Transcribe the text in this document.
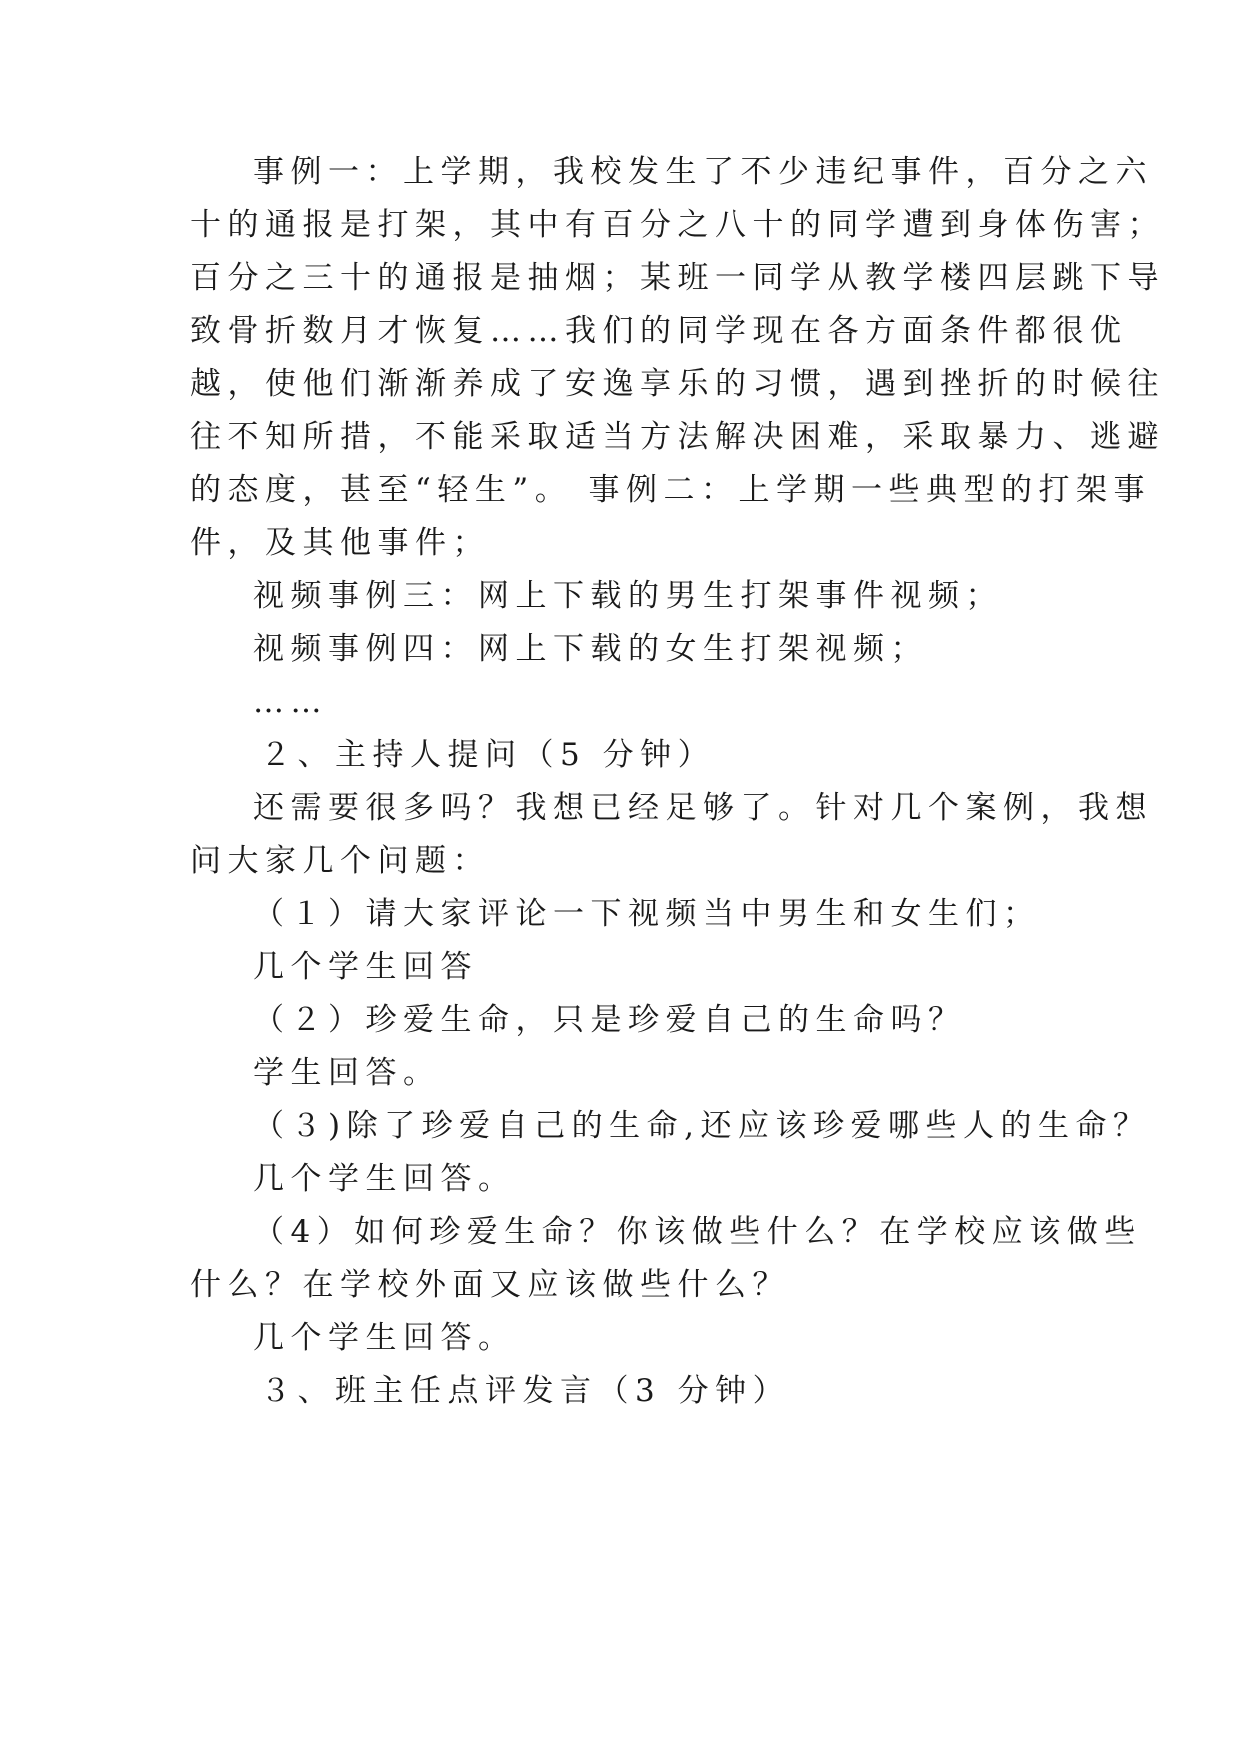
事例一：上学期，我校发生了不少违纪事件，百分之六
十的通报是打架，其中有百分之八十的同学遭到身体伤害；
百分之三十的通报是抽烟；某班一同学从教学楼四层跳下导
致骨折数月才恢复……我们的同学现在各方面条件都很优
越，使他们渐渐养成了安逸享乐的习惯，遇到挫折的时候往
往不知所措，不能采取适当方法解决困难，采取暴力、逃避
的态度，甚至“轻生”。 事例二：上学期一些典型的打架事
件，及其他事件；
视频事例三：网上下载的男生打架事件视频；
视频事例四：网上下载的女生打架视频；
……
２、主持人提问（5 分钟）
还需要很多吗？我想已经足够了。针对几个案例，我想
问大家几个问题：
（１）请大家评论一下视频当中男生和女生们；
几个学生回答
（２）珍爱生命，只是珍爱自己的生命吗？
学生回答。
（３)除了珍爱自己的生命,还应该珍爱哪些人的生命？
几个学生回答。
（4）如何珍爱生命？你该做些什么？在学校应该做些
什么？在学校外面又应该做些什么？
几个学生回答。
３、班主任点评发言（3 分钟）
